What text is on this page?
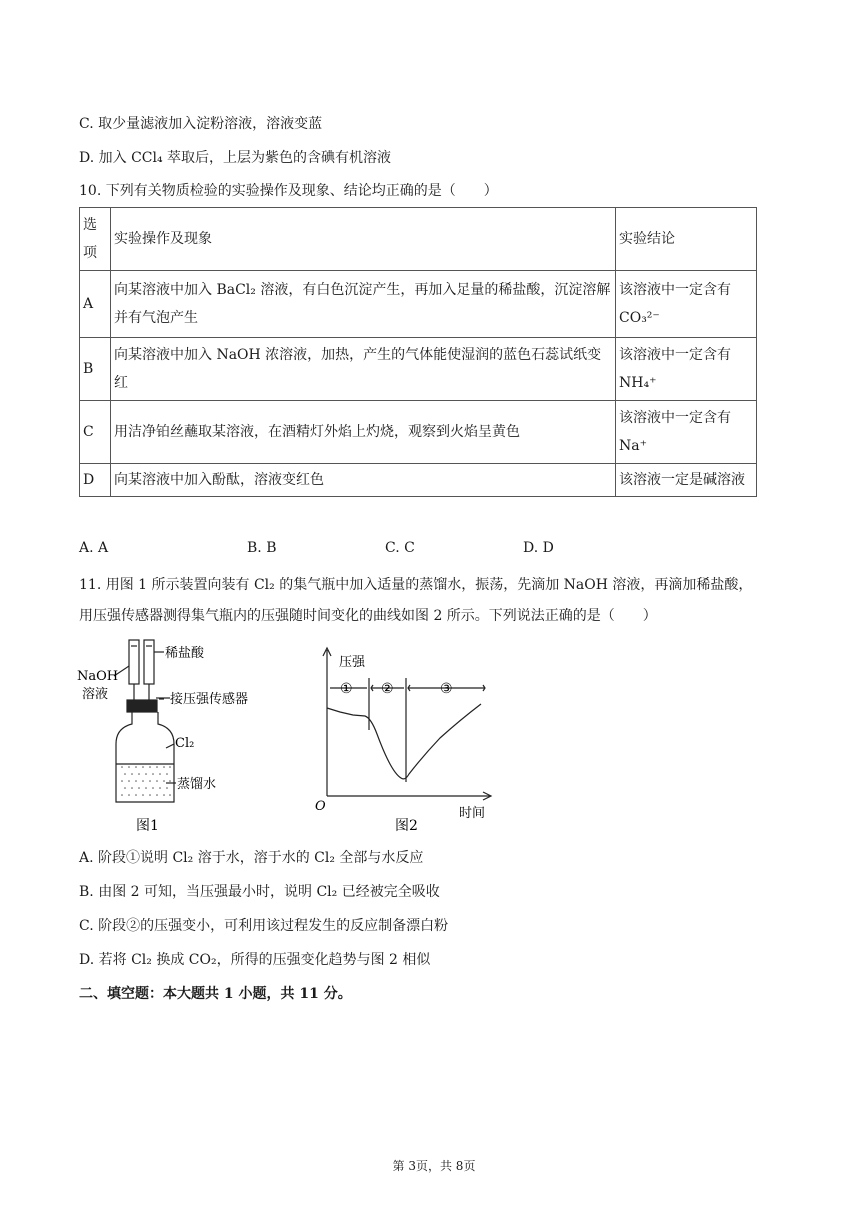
C. 取少量滤液加入淀粉溶液，溶液变蓝
D. 加入 CCl₄ 萃取后，上层为紫色的含碘有机溶液
10. 下列有关物质检验的实验操作及现象、结论均正确的是（　　）
选项	实验操作及现象	实验结论
A	向某溶液中加入 BaCl₂ 溶液，有白色沉淀产生，再加入足量的稀盐酸，沉淀溶解并有气泡产生	该溶液中一定含有 CO₃²⁻
B	向某溶液中加入 NaOH 浓溶液，加热，产生的气体能使湿润的蓝色石蕊试纸变红	该溶液中一定含有 NH₄⁺
C	用洁净铂丝蘸取某溶液，在酒精灯外焰上灼烧，观察到火焰呈黄色	该溶液中一定含有 Na⁺
D	向某溶液中加入酚酞，溶液变红色	该溶液一定是碱溶液
A. A	B. B	C. C	D. D
11. 用图 1 所示装置向装有 Cl₂ 的集气瓶中加入适量的蒸馏水，振荡，先滴加 NaOH 溶液，再滴加稀盐酸，
用压强传感器测得集气瓶内的压强随时间变化的曲线如图 2 所示。下列说法正确的是（　　）
NaOH
溶液
稀盐酸
接压强传感器
Cl₂
蒸馏水
图1
压强
① ②	③
O	时间
图2
A. 阶段①说明 Cl₂ 溶于水，溶于水的 Cl₂ 全部与水反应
B. 由图 2 可知，当压强最小时，说明 Cl₂ 已经被完全吸收
C. 阶段②的压强变小，可利用该过程发生的反应制备漂白粉
D. 若将 Cl₂ 换成 CO₂，所得的压强变化趋势与图 2 相似
二、填空题：本大题共 1 小题，共 11 分。
第 3页，共 8页
